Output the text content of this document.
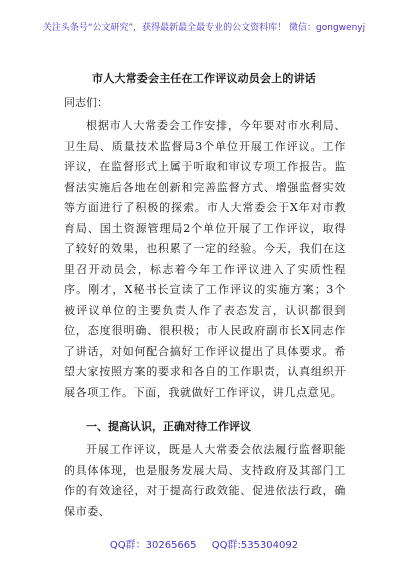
关注头条号“公文研究”，获得最新最全最专业的公文资料库！ 微信：gongwenyj
市人大常委会主任在工作评议动员会上的讲话
同志们：

根据市人大常委会工作安排，今年要对市水利局、卫生局、质量技术监督局3个单位开展工作评议。工作评议，在监督形式上属于听取和审议专项工作报告。监督法实施后各地在创新和完善监督方式、增强监督实效等方面进行了积极的探索。市人大常委会于X年对市教育局、国土资源管理局2个单位开展了工作评议，取得了较好的效果，也积累了一定的经验。今天，我们在这里召开动员会，标志着今年工作评议进入了实质性程序。刚才，X秘书长宣读了工作评议的实施方案；3个被评议单位的主要负责人作了表态发言，认识都很到位，态度很明确、很积极；市人民政府副市长X同志作了讲话，对如何配合搞好工作评议提出了具体要求。希望大家按照方案的要求和各自的工作职责，认真组织开展各项工作。下面，我就做好工作评议，讲几点意见。

一、提高认识，正确对待工作评议

开展工作评议，既是人大常委会依法履行监督职能的具体体现，也是服务发展大局、支持政府及其部门工作的有效途径，对于提高行政效能、促进依法行政，确保市委、

QQ群：30265665 QQ群:535304092
